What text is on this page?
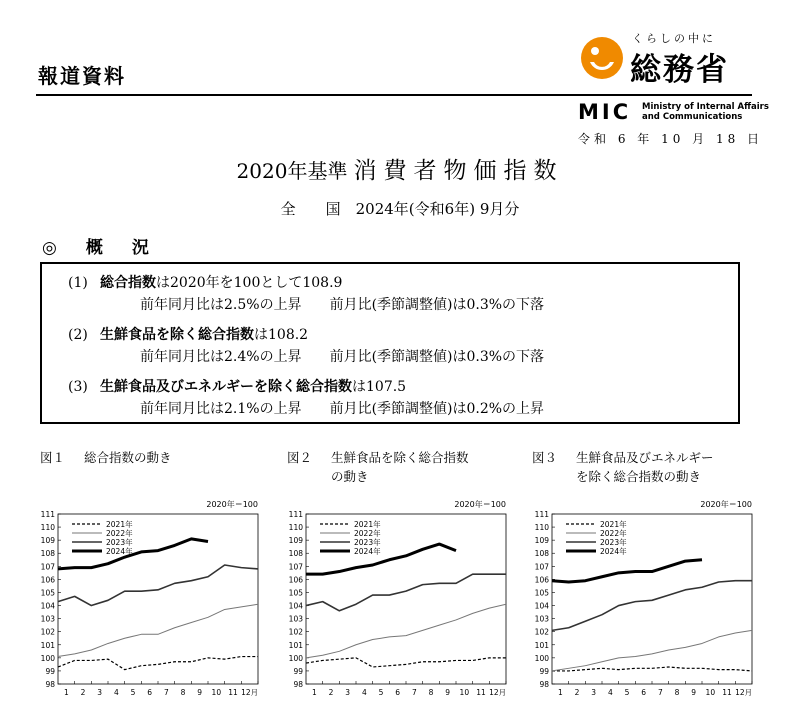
報道資料
くらしの中に
総務省
MIC Ministry of Internal Affairs
and Communications
令和 6 年 10 月 18 日
2020年基準 消費者物価指数
全　　国　2024年(令和6年) 9月分
◎　概　況
(1) 総合指数は2020年を100として108.9
前年同月比は2.5%の上昇　　前月比(季節調整値)は0.3%の下落
(2) 生鮮食品を除く総合指数は108.2
前年同月比は2.4%の上昇　　前月比(季節調整値)は0.3%の下落
(3) 生鮮食品及びエネルギーを除く総合指数は107.5
前年同月比は2.1%の上昇　　前月比(季節調整値)は0.2%の上昇
図１ 総合指数の動き	図２ 生鮮食品を除く総合指数
の動き
図３ 生鮮食品及びエネルギー
を除く総合指数の動き
2020年＝100
98
99
100
101
102
103
104
105
106
107
108
109
110
111
1 2 3 4 5 6 7 8 9 10 11 12月
2021年
2022年
2023年
2024年
2020年＝100
98
99
100
101
102
103
104
105
106
107
108
109
110
111
1 2 3 4 5 6 7 8 9 10 11 12月
2021年
2022年
2023年
2024年
2020年＝100
98
99
100
101
102
103
104
105
106
107
108
109
110
111
1 2 3 4 5 6 7 8 9 10 11 12月
2021年
2022年
2023年
2024年
